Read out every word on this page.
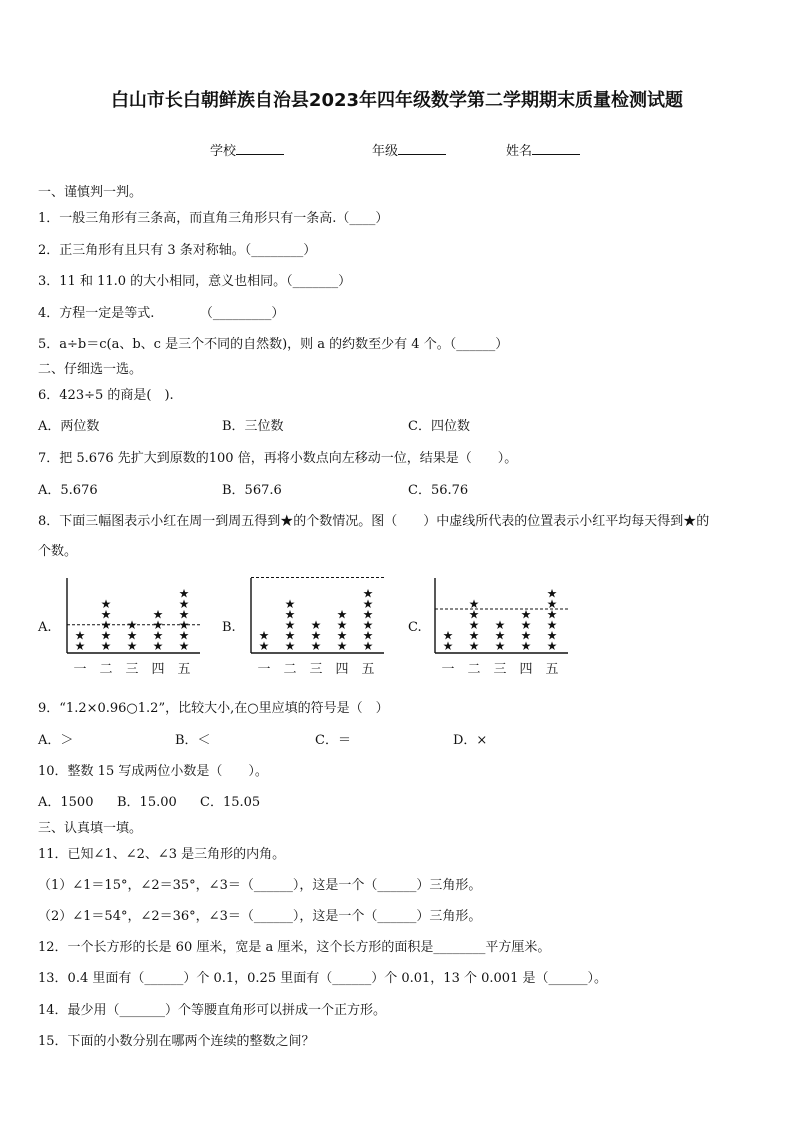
白山市长白朝鲜族自治县2023年四年级数学第二学期期末质量检测试题
学校	年级	姓名
一、谨慎判一判。
1．一般三角形有三条高，而直角三角形只有一条高.（____）
2．正三角形有且只有 3 条对称轴。（________）
3．11 和 11.0 的大小相同，意义也相同。（_______）
4．方程一定是等式.　　　　（_________）
5．a÷b＝c(a、b、c 是三个不同的自然数)，则 a 的约数至少有 4 个。（______）
二、仔细选一选。
6．423÷5 的商是(　).
A．两位数	B．三位数	C．四位数
7．把 5.676 先扩大到原数的100 倍，再将小数点向左移动一位，结果是（　　）。
A．5.676	B．567.6	C．56.76
8．下面三幅图表示小红在周一到周五得到★的个数情况。图（　　）中虚线所代表的位置表示小红平均每天得到★的
个数。
A.	B.	C.
★
★
一
★
★
★
★
★
二
★
★
★
三
★
★
★
★
四
★
★
★
★
★
★
五
★
★
一
★
★
★
★
★
二
★
★
★
三
★
★
★
★
四
★
★
★
★
★
★
五
★
★
一
★
★
★
★
★
二
★
★
★
三
★
★
★
★
四
★
★
★
★
★
★
五
9．“1.2×0.96○1.2”，比较大小,在○里应填的符号是（　）
A．＞	B．＜	C．＝	D．×
10．整数 15 写成两位小数是（　　）。
A．1500 B．15.00 C．15.05
三、认真填一填。
11．已知∠1、∠2、∠3 是三角形的内角。
（1）∠1＝15°，∠2＝35°，∠3＝（______），这是一个（______）三角形。
（2）∠1＝54°，∠2＝36°，∠3＝（______），这是一个（______）三角形。
12．一个长方形的长是 60 厘米，宽是 a 厘米，这个长方形的面积是________平方厘米。
13．0.4 里面有（______）个 0.1，0.25 里面有（______）个 0.01，13 个 0.001 是（______）。
14．最少用（_______）个等腰直角形可以拼成一个正方形。
15．下面的小数分别在哪两个连续的整数之间？
